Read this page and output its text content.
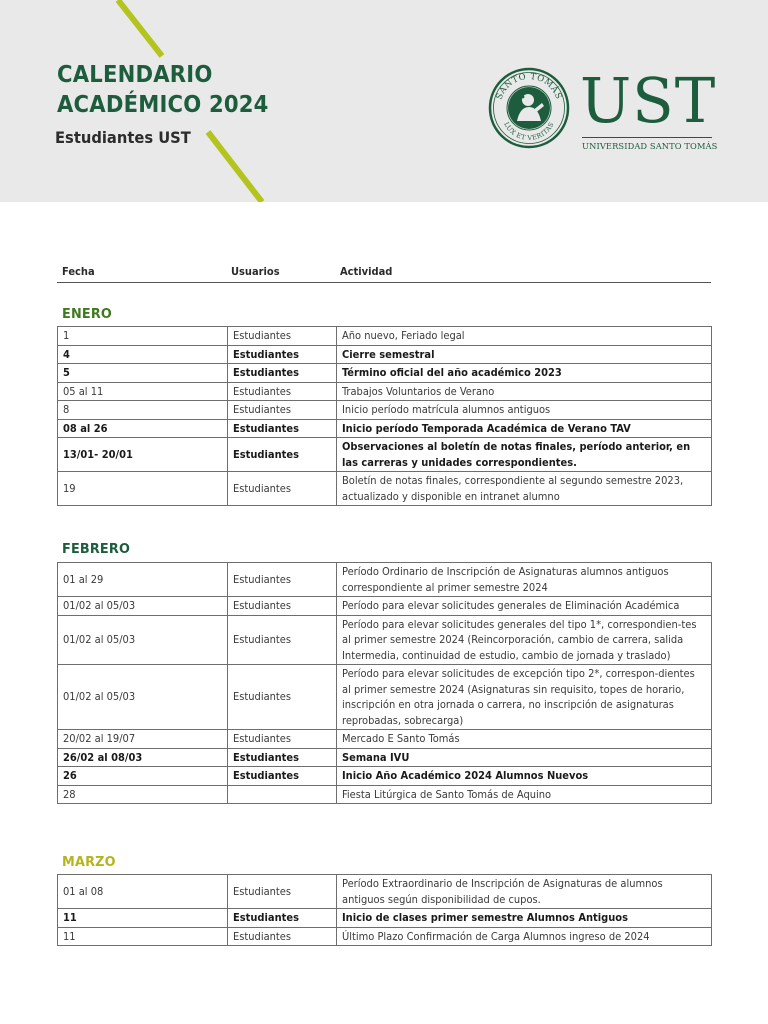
CALENDARIO
ACADÉMICO 2024
Estudiantes UST
SANTO TOMÁS
LUX ET VERITAS UST
UNIVERSIDAD SANTO TOMÁS
Fecha	Usuarios	Actividad
ENERO
1	Estudiantes	Año nuevo, Feriado legal
4	Estudiantes	Cierre semestral
5	Estudiantes	Término oficial del año académico 2023
05 al 11	Estudiantes	Trabajos Voluntarios de Verano
8	Estudiantes	Inicio período matrícula alumnos antiguos
08 al 26	Estudiantes	Inicio período Temporada Académica de Verano TAV
13/01- 20/01	Estudiantes	Observaciones al boletín de notas finales, período anterior, en las carreras y unidades correspondientes.
19	Estudiantes	Boletín de notas finales, correspondiente al segundo semestre 2023, actualizado y disponible en intranet alumno
FEBRERO
01 al 29	Estudiantes	Período Ordinario de Inscripción de Asignaturas alumnos antiguos correspondiente al primer semestre 2024
01/02 al 05/03	Estudiantes	Período para elevar solicitudes generales de Eliminación Académica
01/02 al 05/03	Estudiantes	Período para elevar solicitudes generales del tipo 1*, correspondien-tes al primer semestre 2024 (Reincorporación, cambio de carrera, salida Intermedia, continuidad de estudio, cambio de jornada y traslado)
01/02 al 05/03	Estudiantes	Período para elevar solicitudes de excepción tipo 2*, correspon-dientes al primer semestre 2024 (Asignaturas sin requisito, topes de horario, inscripción en otra jornada o carrera, no inscripción de asignaturas reprobadas, sobrecarga)
20/02 al 19/07	Estudiantes	Mercado E Santo Tomás
26/02 al 08/03	Estudiantes	Semana IVU
26	Estudiantes	Inicio Año Académico 2024 Alumnos Nuevos
28		Fiesta Litúrgica de Santo Tomás de Aquino
MARZO
01 al 08	Estudiantes	Período Extraordinario de Inscripción de Asignaturas de alumnos antiguos según disponibilidad de cupos.
11	Estudiantes	Inicio de clases primer semestre Alumnos Antiguos
11	Estudiantes	Último Plazo Confirmación de Carga Alumnos ingreso de 2024
